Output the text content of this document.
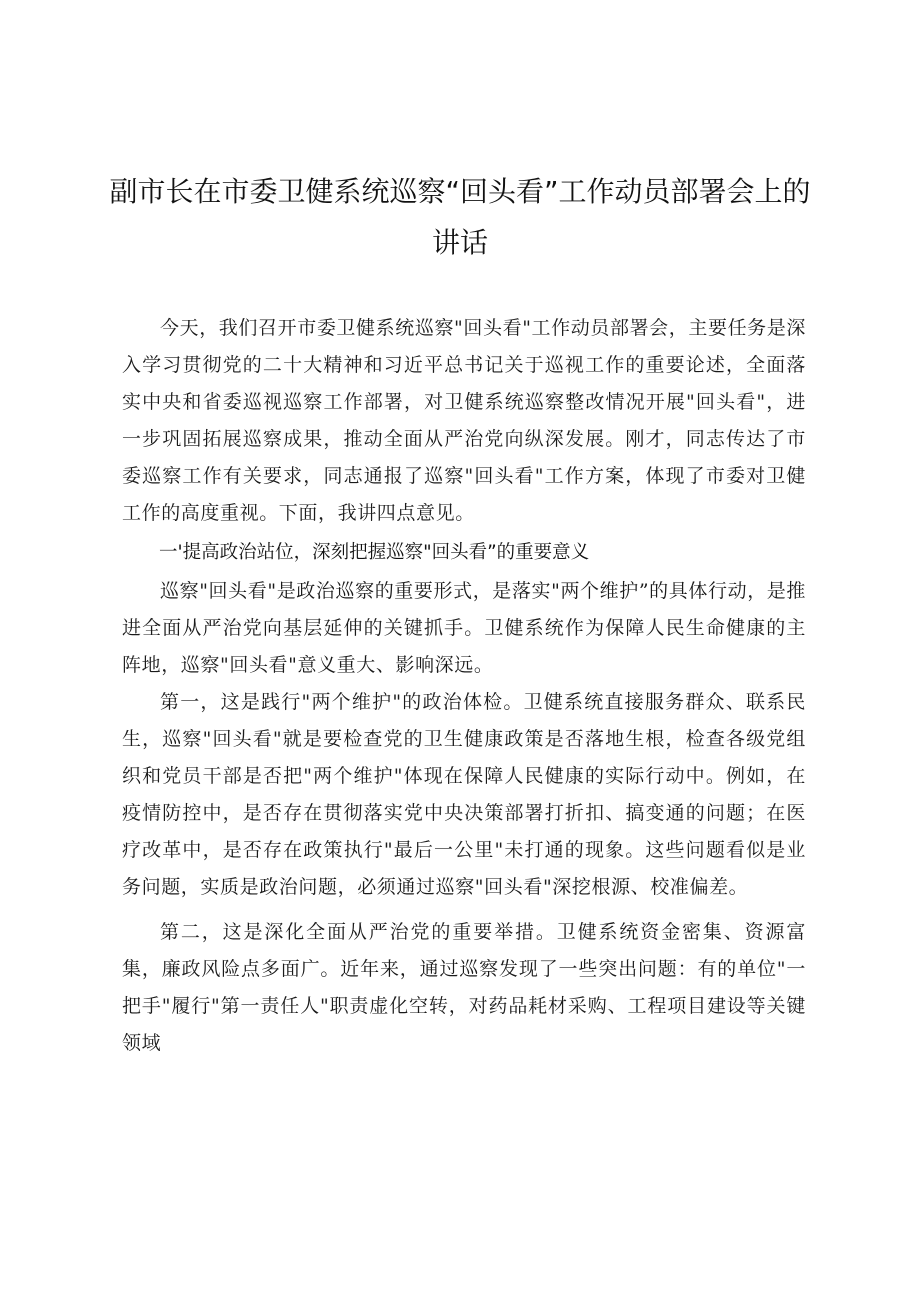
副市长在市委卫健系统巡察“回头看”工作动员部署会上的讲话

今天，我们召开市委卫健系统巡察"回头看"工作动员部署会，主要任务是深入学习贯彻党的二十大精神和习近平总书记关于巡视工作的重要论述，全面落实中央和省委巡视巡察工作部署，对卫健系统巡察整改情况开展"回头看"，进一步巩固拓展巡察成果，推动全面从严治党向纵深发展。刚才，同志传达了市委巡察工作有关要求，同志通报了巡察"回头看"工作方案，体现了市委对卫健工作的高度重视。下面，我讲四点意见。

一'提高政治站位，深刻把握巡察"回头看”的重要意义

巡察"回头看"是政治巡察的重要形式，是落实"两个维护”的具体行动，是推进全面从严治党向基层延伸的关键抓手。卫健系统作为保障人民生命健康的主阵地，巡察"回头看"意义重大、影响深远。

第一，这是践行"两个维护"的政治体检。卫健系统直接服务群众、联系民生，巡察"回头看"就是要检查党的卫生健康政策是否落地生根，检查各级党组织和党员干部是否把"两个维护"体现在保障人民健康的实际行动中。例如，在疫情防控中，是否存在贯彻落实党中央决策部署打折扣、搞变通的问题；在医疗改革中，是否存在政策执行"最后一公里"未打通的现象。这些问题看似是业务问题，实质是政治问题，必须通过巡察"回头看"深挖根源、校准偏差。

第二，这是深化全面从严治党的重要举措。卫健系统资金密集、资源富集，廉政风险点多面广。近年来，通过巡察发现了一些突出问题：有的单位"一把手"履行"第一责任人"职责虚化空转，对药品耗材采购、工程项目建设等关键领域
